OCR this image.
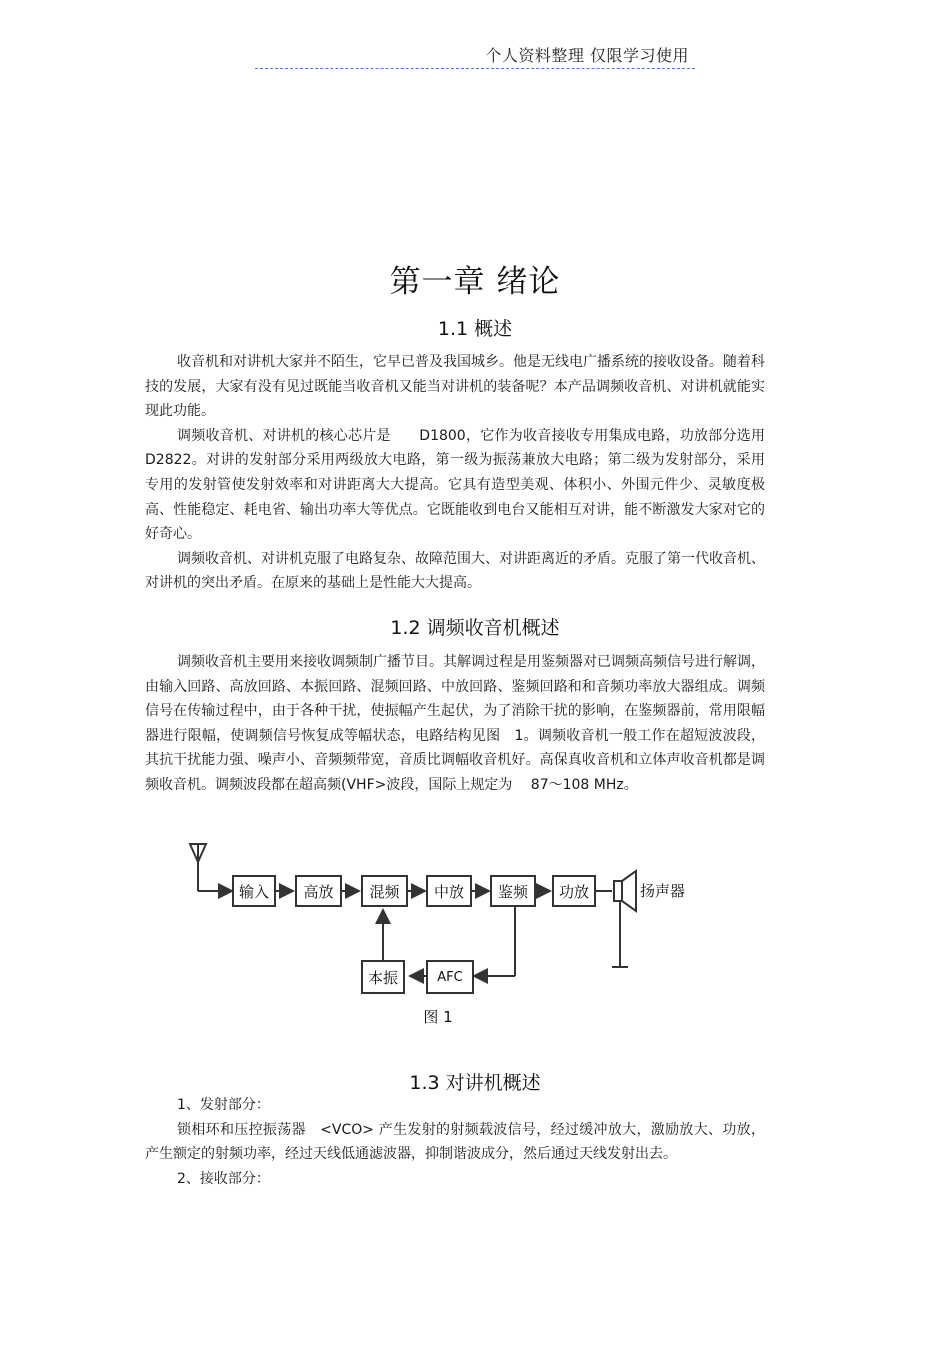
个人资料整理 仅限学习使用
第一章 绪论
1.1 概述

收音机和对讲机大家并不陌生，它早已普及我国城乡。他是无线电广播系统的接收设备。随着科技的发展，大家有没有见过既能当收音机又能当对讲机的装备呢？本产品调频收音机、对讲机就能实现此功能。

调频收音机、对讲机的核心芯片是　　D1800，它作为收音接收专用集成电路，功放部分选用 D2822。对讲的发射部分采用两级放大电路，第一级为振荡兼放大电路；第二级为发射部分，采用专用的发射管使发射效率和对讲距离大大提高。它具有造型美观、体积小、外围元件少、灵敏度极高、性能稳定、耗电省、输出功率大等优点。它既能收到电台又能相互对讲，能不断激发大家对它的好奇心。

调频收音机、对讲机克服了电路复杂、故障范围大、对讲距离近的矛盾。克服了第一代收音机、对讲机的突出矛盾。在原来的基础上是性能大大提高。

1.2 调频收音机概述

调频收音机主要用来接收调频制广播节目。其解调过程是用鉴频器对已调频高频信号进行解调，由输入回路、高放回路、本振回路、混频回路、中放回路、鉴频回路和和音频功率放大器组成。调频信号在传输过程中，由于各种干扰，使振幅产生起伏，为了消除干扰的影响，在鉴频器前，常用限幅器进行限幅，使调频信号恢复成等幅状态，电路结构见图　1。调频收音机一般工作在超短波波段，其抗干扰能力强、噪声小、音频频带宽，音质比调幅收音机好。高保真收音机和立体声收音机都是调频收音机。调频波段都在超高频(VHF>波段，国际上规定为　 87～108 MHz。

输入	高放	混频	中放	鉴频	功放
本振	AFC
扬声器
图 1
1.3 对讲机概述

1、发射部分：

锁相环和压控振荡器　<VCO> 产生发射的射频载波信号，经过缓冲放大，激励放大、功放，产生额定的射频功率，经过天线低通滤波器，抑制谐波成分，然后通过天线发射出去。

2、接收部分：
